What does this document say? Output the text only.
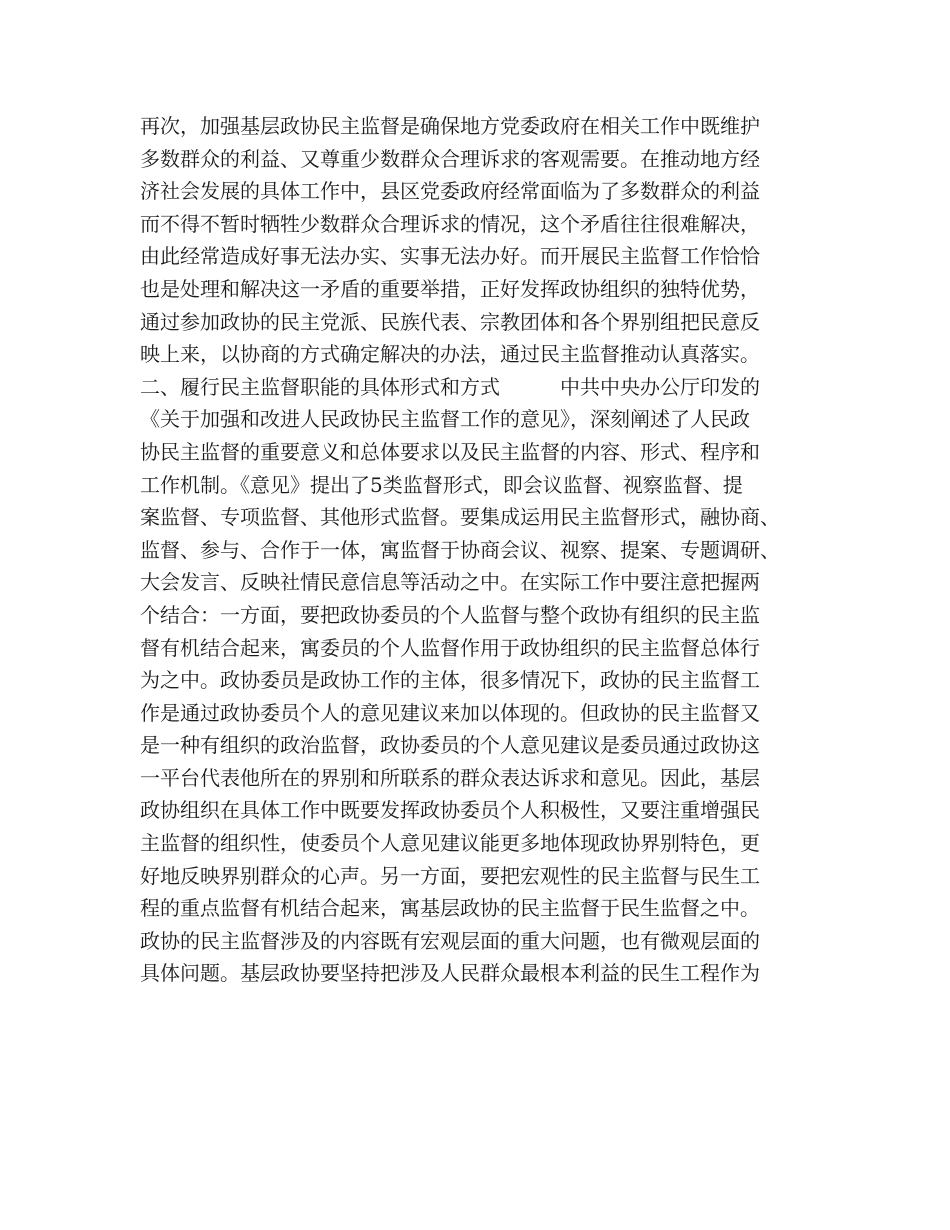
再次，加强基层政协民主监督是确保地方党委政府在相关工作中既维护
多数群众的利益、又尊重少数群众合理诉求的客观需要。在推动地方经
济社会发展的具体工作中，县区党委政府经常面临为了多数群众的利益
而不得不暂时牺牲少数群众合理诉求的情况，这个矛盾往往很难解决，
由此经常造成好事无法办实、实事无法办好。而开展民主监督工作恰恰
也是处理和解决这一矛盾的重要举措，正好发挥政协组织的独特优势，
通过参加政协的民主党派、民族代表、宗教团体和各个界别组把民意反
映上来，以协商的方式确定解决的办法，通过民主监督推动认真落实。
二、履行民主监督职能的具体形式和方式	中共中央办公厅印发的
《关于加强和改进人民政协民主监督工作的意见》，深刻阐述了人民政
协民主监督的重要意义和总体要求以及民主监督的内容、形式、程序和
工作机制。《意见》提出了5类监督形式，即会议监督、视察监督、提
案监督、专项监督、其他形式监督。要集成运用民主监督形式，融协商、
监督、参与、合作于一体，寓监督于协商会议、视察、提案、专题调研、
大会发言、反映社情民意信息等活动之中。在实际工作中要注意把握两
个结合：一方面，要把政协委员的个人监督与整个政协有组织的民主监
督有机结合起来，寓委员的个人监督作用于政协组织的民主监督总体行
为之中。政协委员是政协工作的主体，很多情况下，政协的民主监督工
作是通过政协委员个人的意见建议来加以体现的。但政协的民主监督又
是一种有组织的政治监督，政协委员的个人意见建议是委员通过政协这
一平台代表他所在的界别和所联系的群众表达诉求和意见。因此，基层
政协组织在具体工作中既要发挥政协委员个人积极性，又要注重增强民
主监督的组织性，使委员个人意见建议能更多地体现政协界别特色，更
好地反映界别群众的心声。另一方面，要把宏观性的民主监督与民生工
程的重点监督有机结合起来，寓基层政协的民主监督于民生监督之中。
政协的民主监督涉及的内容既有宏观层面的重大问题，也有微观层面的
具体问题。基层政协要坚持把涉及人民群众最根本利益的民生工程作为
